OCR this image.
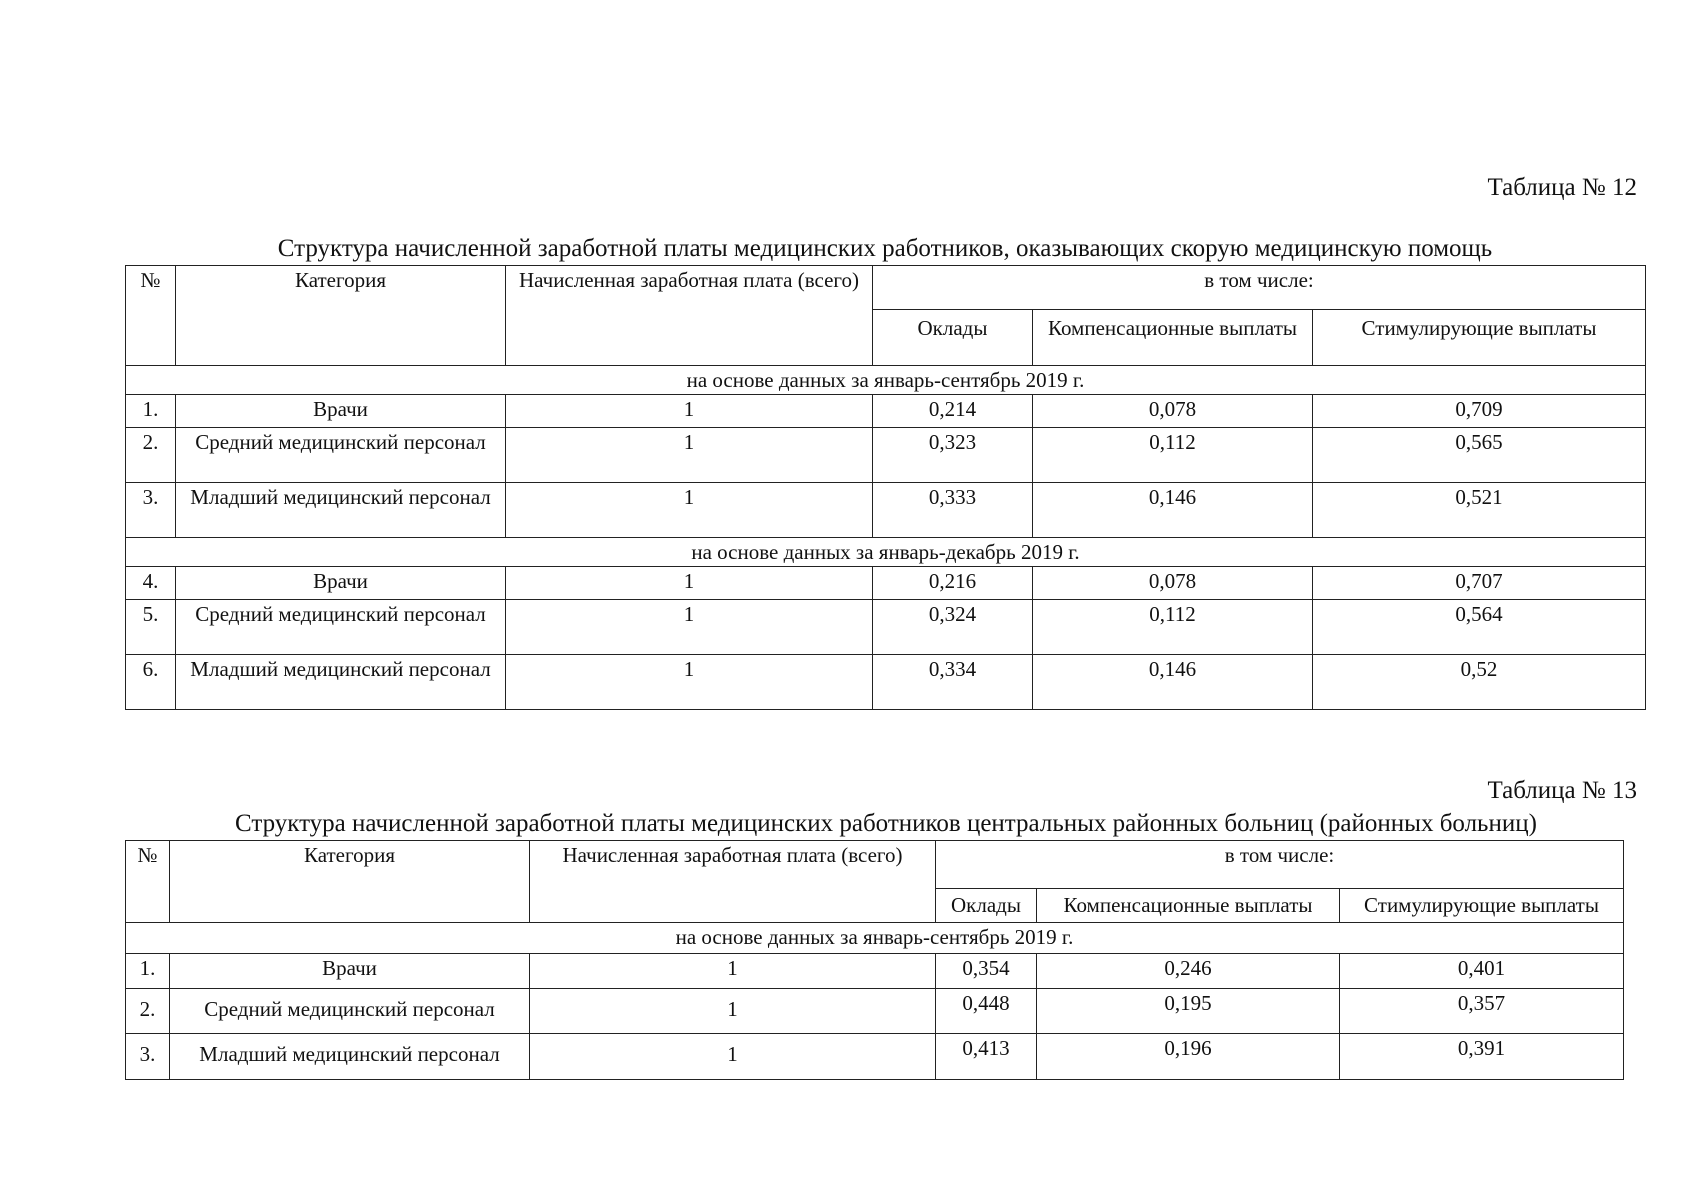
Таблица № 12
Структура начисленной заработной платы медицинских работников, оказывающих скорую медицинскую помощь
№	Категория	Начисленная заработная плата (всего)	в том числе:		
			Оклады	Компенсационные выплаты	Стимулирующие выплаты
на основе данных за январь-сентябрь 2019 г.					
1.	Врачи	1	0,214	0,078	0,709
2.	Средний медицинский персонал	1	0,323	0,112	0,565
3.	Младший медицинский персонал	1	0,333	0,146	0,521
на основе данных за январь-декабрь 2019 г.					
4.	Врачи	1	0,216	0,078	0,707
5.	Средний медицинский персонал	1	0,324	0,112	0,564
6.	Младший медицинский персонал	1	0,334	0,146	0,52
Таблица № 13
Структура начисленной заработной платы медицинских работников центральных районных больниц (районных больниц)
№	Категория	Начисленная заработная плата (всего)	в том числе:		
			Оклады	Компенсационные выплаты	Стимулирующие выплаты
на основе данных за январь-сентябрь 2019 г.					
1.	Врачи	1	0,354	0,246	0,401
2.	Средний медицинский персонал	1	0,448	0,195	0,357
3.	Младший медицинский персонал	1	0,413	0,196	0,391
